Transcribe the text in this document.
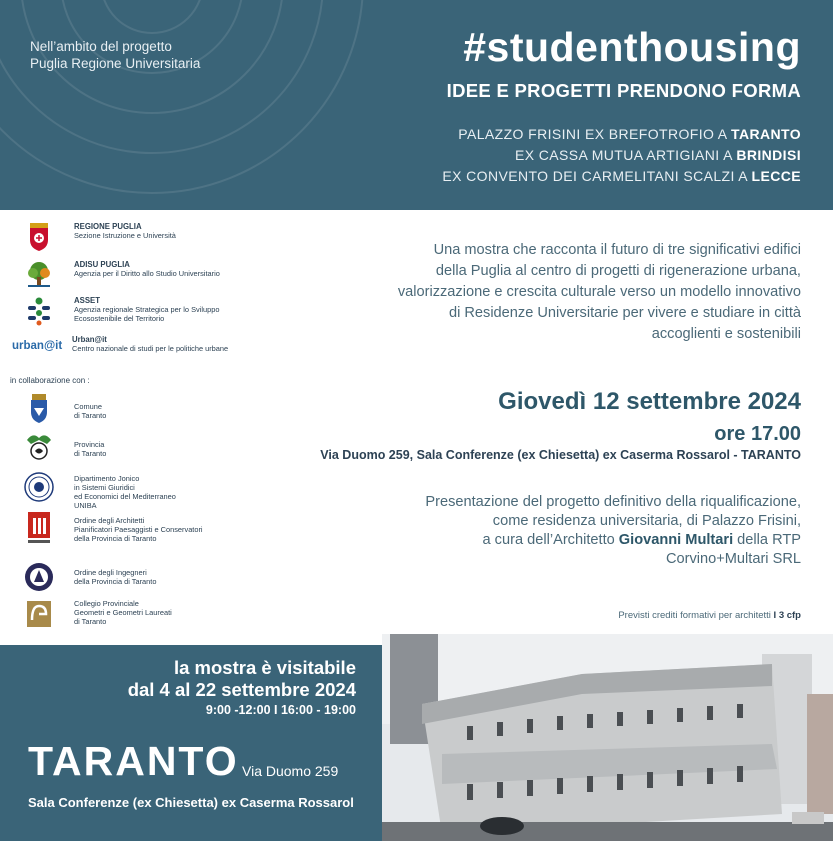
Nell’ambito del progetto
Puglia Regione Universitaria	#studenthousing
IDEE E PROGETTI PRENDONO FORMA
PALAZZO FRISINI EX BREFOTROFIO A TARANTO
EX CASSA MUTUA ARTIGIANI A BRINDISI
EX CONVENTO DEI CARMELITANI SCALZI A LECCE
REGIONE PUGLIA
Sezione Istruzione e Università
ADISU PUGLIA
Agenzia per il Diritto allo Studio Universitario
ASSET
Agenzia regionale Strategica per lo Sviluppo
Ecosostenibile del Territorio
urban@it
Urban@it
Centro nazionale di studi per le politiche urbane
in collaborazione con :
Comune
di Taranto
Provincia
di Taranto
Dipartimento Jonico
in Sistemi Giuridici
ed Economici del Mediterraneo
UNIBA
Ordine degli Architetti
Pianificatori Paesaggisti e Conservatori
della Provincia di Taranto
Ordine degli Ingegneri
della Provincia di Taranto
Collegio Provinciale
Geometri e Geometri Laureati
di Taranto
Una mostra che racconta il futuro di tre significativi edifici
della Puglia al centro di progetti di rigenerazione urbana,
valorizzazione e crescita culturale verso un modello innovativo
di Residenze Universitarie per vivere e studiare in città
accoglienti e sostenibili
Giovedì 12 settembre 2024
ore 17.00
Via Duomo 259, Sala Conferenze (ex Chiesetta) ex Caserma Rossarol - TARANTO
Presentazione del progetto definitivo della riqualificazione,
come residenza universitaria, di Palazzo Frisini,
a cura dell’Architetto Giovanni Multari della RTP
Corvino+Multari SRL
Previsti crediti formativi per architetti I 3 cfp
la mostra è visitabile
dal 4 al 22 settembre 2024
9:00 -12:00 I 16:00 - 19:00
TARANTO Via Duomo 259
Sala Conferenze (ex Chiesetta) ex Caserma Rossarol
